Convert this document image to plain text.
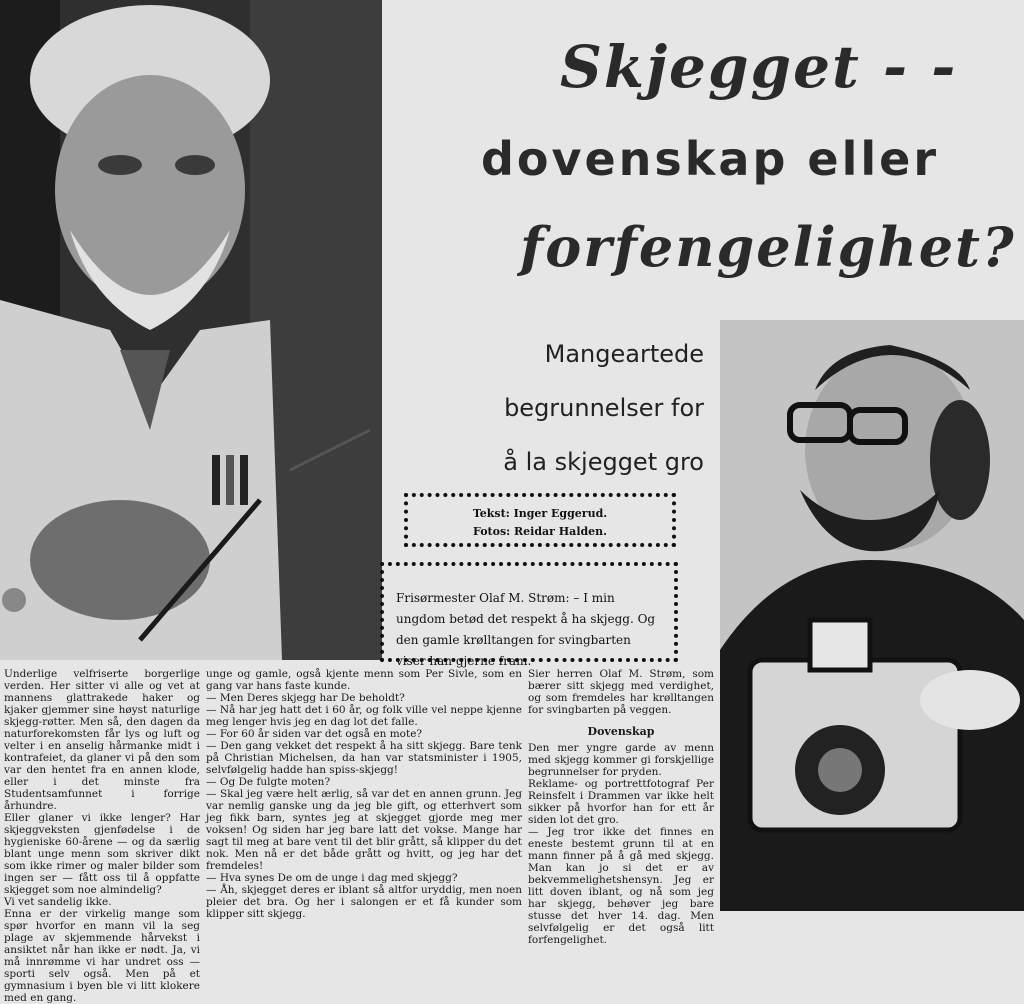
Skjegget - -
dovenskap eller
forfengelighet?

Mangeartede

begrunnelser for

å la skjegget gro

Tekst: Inger Eggerud.
Fotos: Reidar Halden.
Frisørmester Olaf M. Strøm: – I min ungdom betød det respekt å ha skjegg. Og den gamle krølltangen for svingbarten viser han gjerne fram.

Underlige velfriserte borgerlige verden. Her sitter vi alle og vet at mannens glattrakede haker og kjaker gjemmer sine høyst naturlige skjegg-røtter. Men så, den dagen da naturforekomsten får lys og luft og velter i en anselig hårmanke midt i kontrafeiet, da glaner vi på den som var den hentet fra en annen klode, eller i det minste fra Studentsamfunnet i forrige århundre.

Eller glaner vi ikke lenger? Har skjeggveksten gjenfødelse i de hygieniske 60-årene — og da særlig blant unge menn som skriver dikt som ikke rimer og maler bilder som ingen ser — fått oss til å oppfatte skjegget som noe almindelig?

Vi vet sandelig ikke.

Enna er der virkelig mange som spør hvorfor en mann vil la seg plage av skjemmende hårvekst i ansiktet når han ikke er nødt. Ja, vi må innrømme vi har undret oss — sporti selv også. Men på et gymnasium i byen ble vi litt klokere med en gang.

unge og gamle, også kjente menn som Per Sivle, som en gang var hans faste kunde.

— Men Deres skjegg har De beholdt?

— Nå har jeg hatt det i 60 år, og folk ville vel neppe kjenne meg lenger hvis jeg en dag lot det falle.

— For 60 år siden var det også en mote?

— Den gang vekket det respekt å ha sitt skjegg. Bare tenk på Christian Michelsen, da han var statsminister i 1905, selvfølgelig hadde han spiss-skjegg!

— Og De fulgte moten?

— Skal jeg være helt ærlig, så var det en annen grunn. Jeg var nemlig ganske ung da jeg ble gift, og etterhvert som jeg fikk barn, syntes jeg at skjegget gjorde meg mer voksen! Og siden har jeg bare latt det vokse. Mange har sagt til meg at bare vent til det blir grått, så klipper du det nok. Men nå er det både grått og hvitt, og jeg har det fremdeles!

— Hva synes De om de unge i dag med skjegg?

— Åh, skjegget deres er iblant så altfor uryddig, men noen pleier det bra. Og her i salongen er et få kunder som klipper sitt skjegg.

Sier herren Olaf M. Strøm, som bærer sitt skjegg med verdighet, og som fremdeles har krølltangen for svingbarten på veggen.

Dovenskap

Den mer yngre garde av menn med skjegg kommer gi forskjellige begrunnelser for pryden.

Reklame- og portrettfotograf Per Reinsfelt i Drammen var ikke helt sikker på hvorfor han for ett år siden lot det gro.

— Jeg tror ikke det finnes en eneste bestemt grunn til at en mann finner på å gå med skjegg. Man kan jo si det er av bekvemmelighetshensyn. Jeg er litt doven iblant, og nå som jeg har skjegg, behøver jeg bare stusse det hver 14. dag. Men selvfølgelig er det også litt forfengelighet.
